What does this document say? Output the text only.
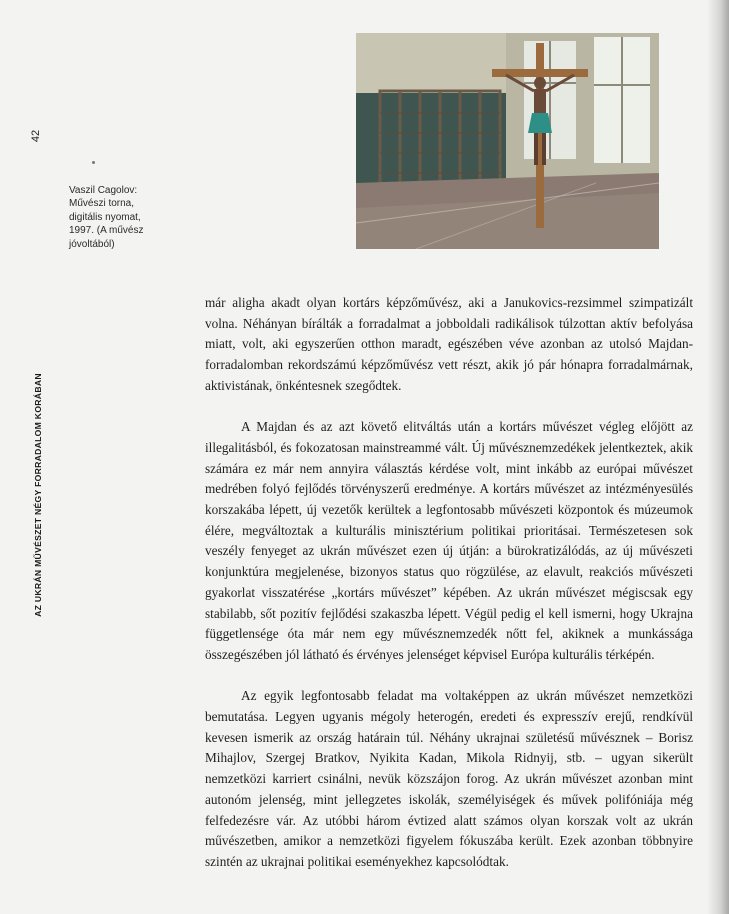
42
AZ UKRÁN MŰVÉSZET NÉGY FORRADALOM KORÁBAN
Vaszil Cagolov:
Művészi torna,
digitális nyomat,
1997. (A művész
jóvoltából)

már aligha akadt olyan kortárs képzőművész, aki a Janukovics-rezsimmel szimpatizált volna. Néhányan bírálták a forradalmat a jobboldali radikálisok túlzottan aktív befolyása miatt, volt, aki egyszerűen otthon maradt, egészében véve azonban az utolsó Majdan-forradalomban rekordszámú képzőművész vett részt, akik jó pár hónapra forradalmárnak, aktivistának, önkéntesnek szegődtek.

A Majdan és az azt követő elitváltás után a kortárs művészet végleg előjött az illegalitásból, és fokozatosan mainstreammé vált. Új művésznemzedékek jelentkeztek, akik számára ez már nem annyira választás kérdése volt, mint inkább az európai művészet medrében folyó fejlődés törvényszerű eredménye. A kortárs művészet az intézményesülés korszakába lépett, új vezetők kerültek a legfontosabb művészeti központok és múzeumok élére, megváltoztak a kulturális minisztérium politikai prioritásai. Természetesen sok veszély fenyeget az ukrán művészet ezen új útján: a bürokratizálódás, az új művészeti konjunktúra megjelenése, bizonyos status quo rögzülése, az elavult, reakciós művészeti gyakorlat visszatérése „kortárs művészet” képében. Az ukrán művészet mégiscsak egy stabilabb, sőt pozitív fejlődési szakaszba lépett. Végül pedig el kell ismerni, hogy Ukrajna függetlensége óta már nem egy művésznemzedék nőtt fel, akiknek a munkássága összegészében jól látható és érvényes jelenséget képvisel Európa kulturális térképén.

Az egyik legfontosabb feladat ma voltaképpen az ukrán művészet nemzetközi bemutatása. Legyen ugyanis mégoly heterogén, eredeti és expresszív erejű, rendkívül kevesen ismerik az ország határain túl. Néhány ukrajnai születésű művésznek – Borisz Mihajlov, Szergej Bratkov, Nyikita Kadan, Mikola Ridnyij, stb. – ugyan sikerült nemzetközi karriert csinálni, nevük közszájon forog. Az ukrán művészet azonban mint autonóm jelenség, mint jellegzetes iskolák, személyiségek és művek polifóniája még felfedezésre vár. Az utóbbi három évtized alatt számos olyan korszak volt az ukrán művészetben, amikor a nemzetközi figyelem fókuszába került. Ezek azonban többnyire szintén az ukrajnai politikai eseményekhez kapcsolódtak.
